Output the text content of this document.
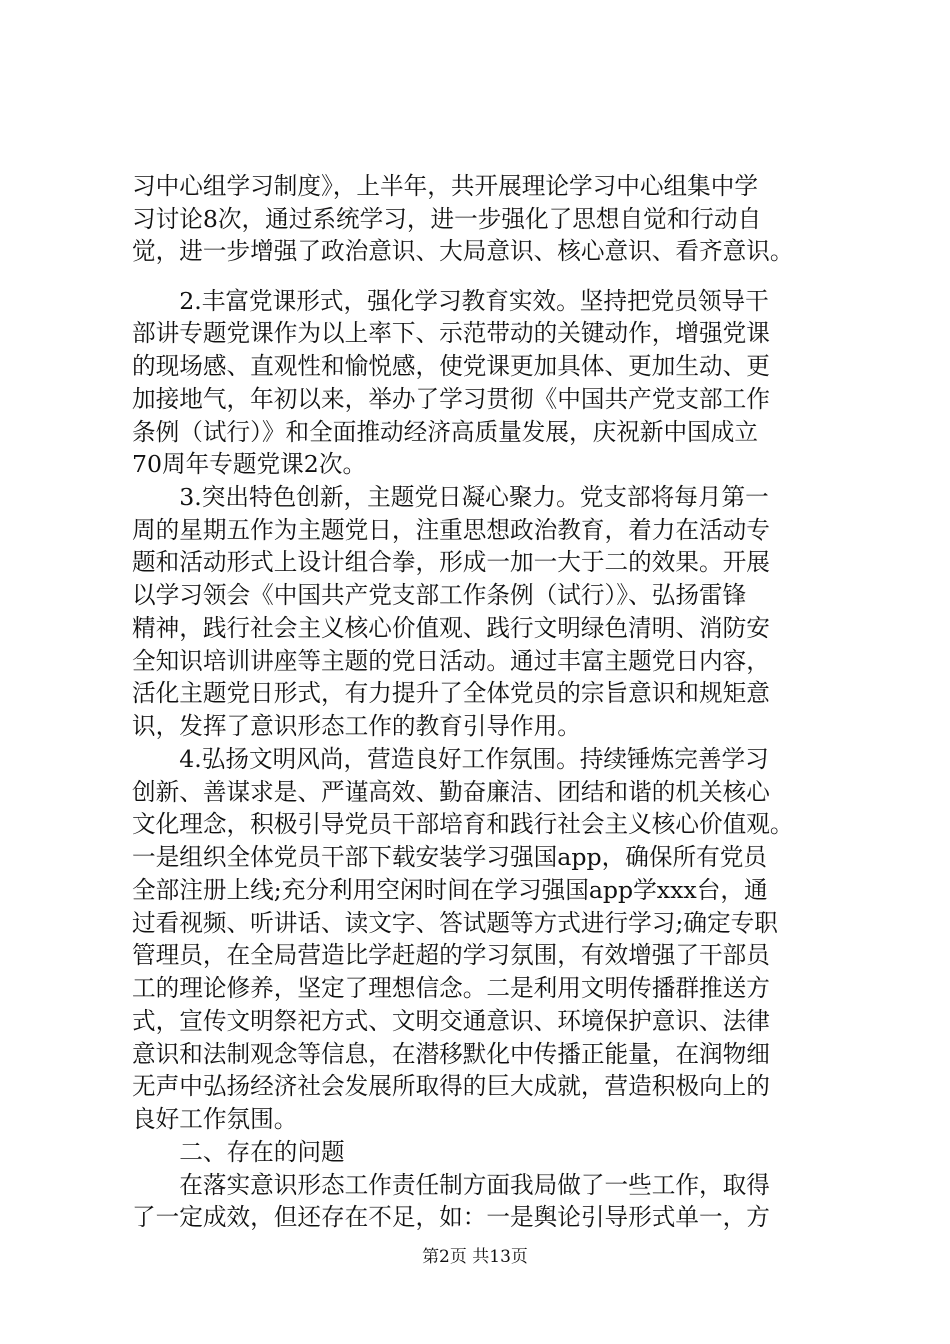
习中心组学习制度》，上半年，共开展理论学习中心组集中学
习讨论8次，通过系统学习，进一步强化了思想自觉和行动自
觉，进一步增强了政治意识、大局意识、核心意识、看齐意识。
　　2.丰富党课形式，强化学习教育实效。坚持把党员领导干
部讲专题党课作为以上率下、示范带动的关键动作，增强党课
的现场感、直观性和愉悦感，使党课更加具体、更加生动、更
加接地气，年初以来，举办了学习贯彻《中国共产党支部工作
条例（试行）》和全面推动经济高质量发展，庆祝新中国成立
70周年专题党课2次。
　　3.突出特色创新，主题党日凝心聚力。党支部将每月第一
周的星期五作为主题党日，注重思想政治教育，着力在活动专
题和活动形式上设计组合拳，形成一加一大于二的效果。开展
以学习领会《中国共产党支部工作条例（试行）》、弘扬雷锋
精神，践行社会主义核心价值观、践行文明绿色清明、消防安
全知识培训讲座等主题的党日活动。通过丰富主题党日内容，
活化主题党日形式，有力提升了全体党员的宗旨意识和规矩意
识，发挥了意识形态工作的教育引导作用。
　　4.弘扬文明风尚，营造良好工作氛围。持续锤炼完善学习
创新、善谋求是、严谨高效、勤奋廉洁、团结和谐的机关核心
文化理念，积极引导党员干部培育和践行社会主义核心价值观。
一是组织全体党员干部下载安装学习强国app，确保所有党员
全部注册上线;充分利用空闲时间在学习强国app学xxx台，通
过看视频、听讲话、读文字、答试题等方式进行学习;确定专职
管理员，在全局营造比学赶超的学习氛围，有效增强了干部员
工的理论修养，坚定了理想信念。二是利用文明传播群推送方
式，宣传文明祭祀方式、文明交通意识、环境保护意识、法律
意识和法制观念等信息，在潜移默化中传播正能量，在润物细
无声中弘扬经济社会发展所取得的巨大成就，营造积极向上的
良好工作氛围。
　　二、存在的问题
　　在落实意识形态工作责任制方面我局做了一些工作，取得
了一定成效，但还存在不足，如：一是舆论引导形式单一，方
第2页 共13页
